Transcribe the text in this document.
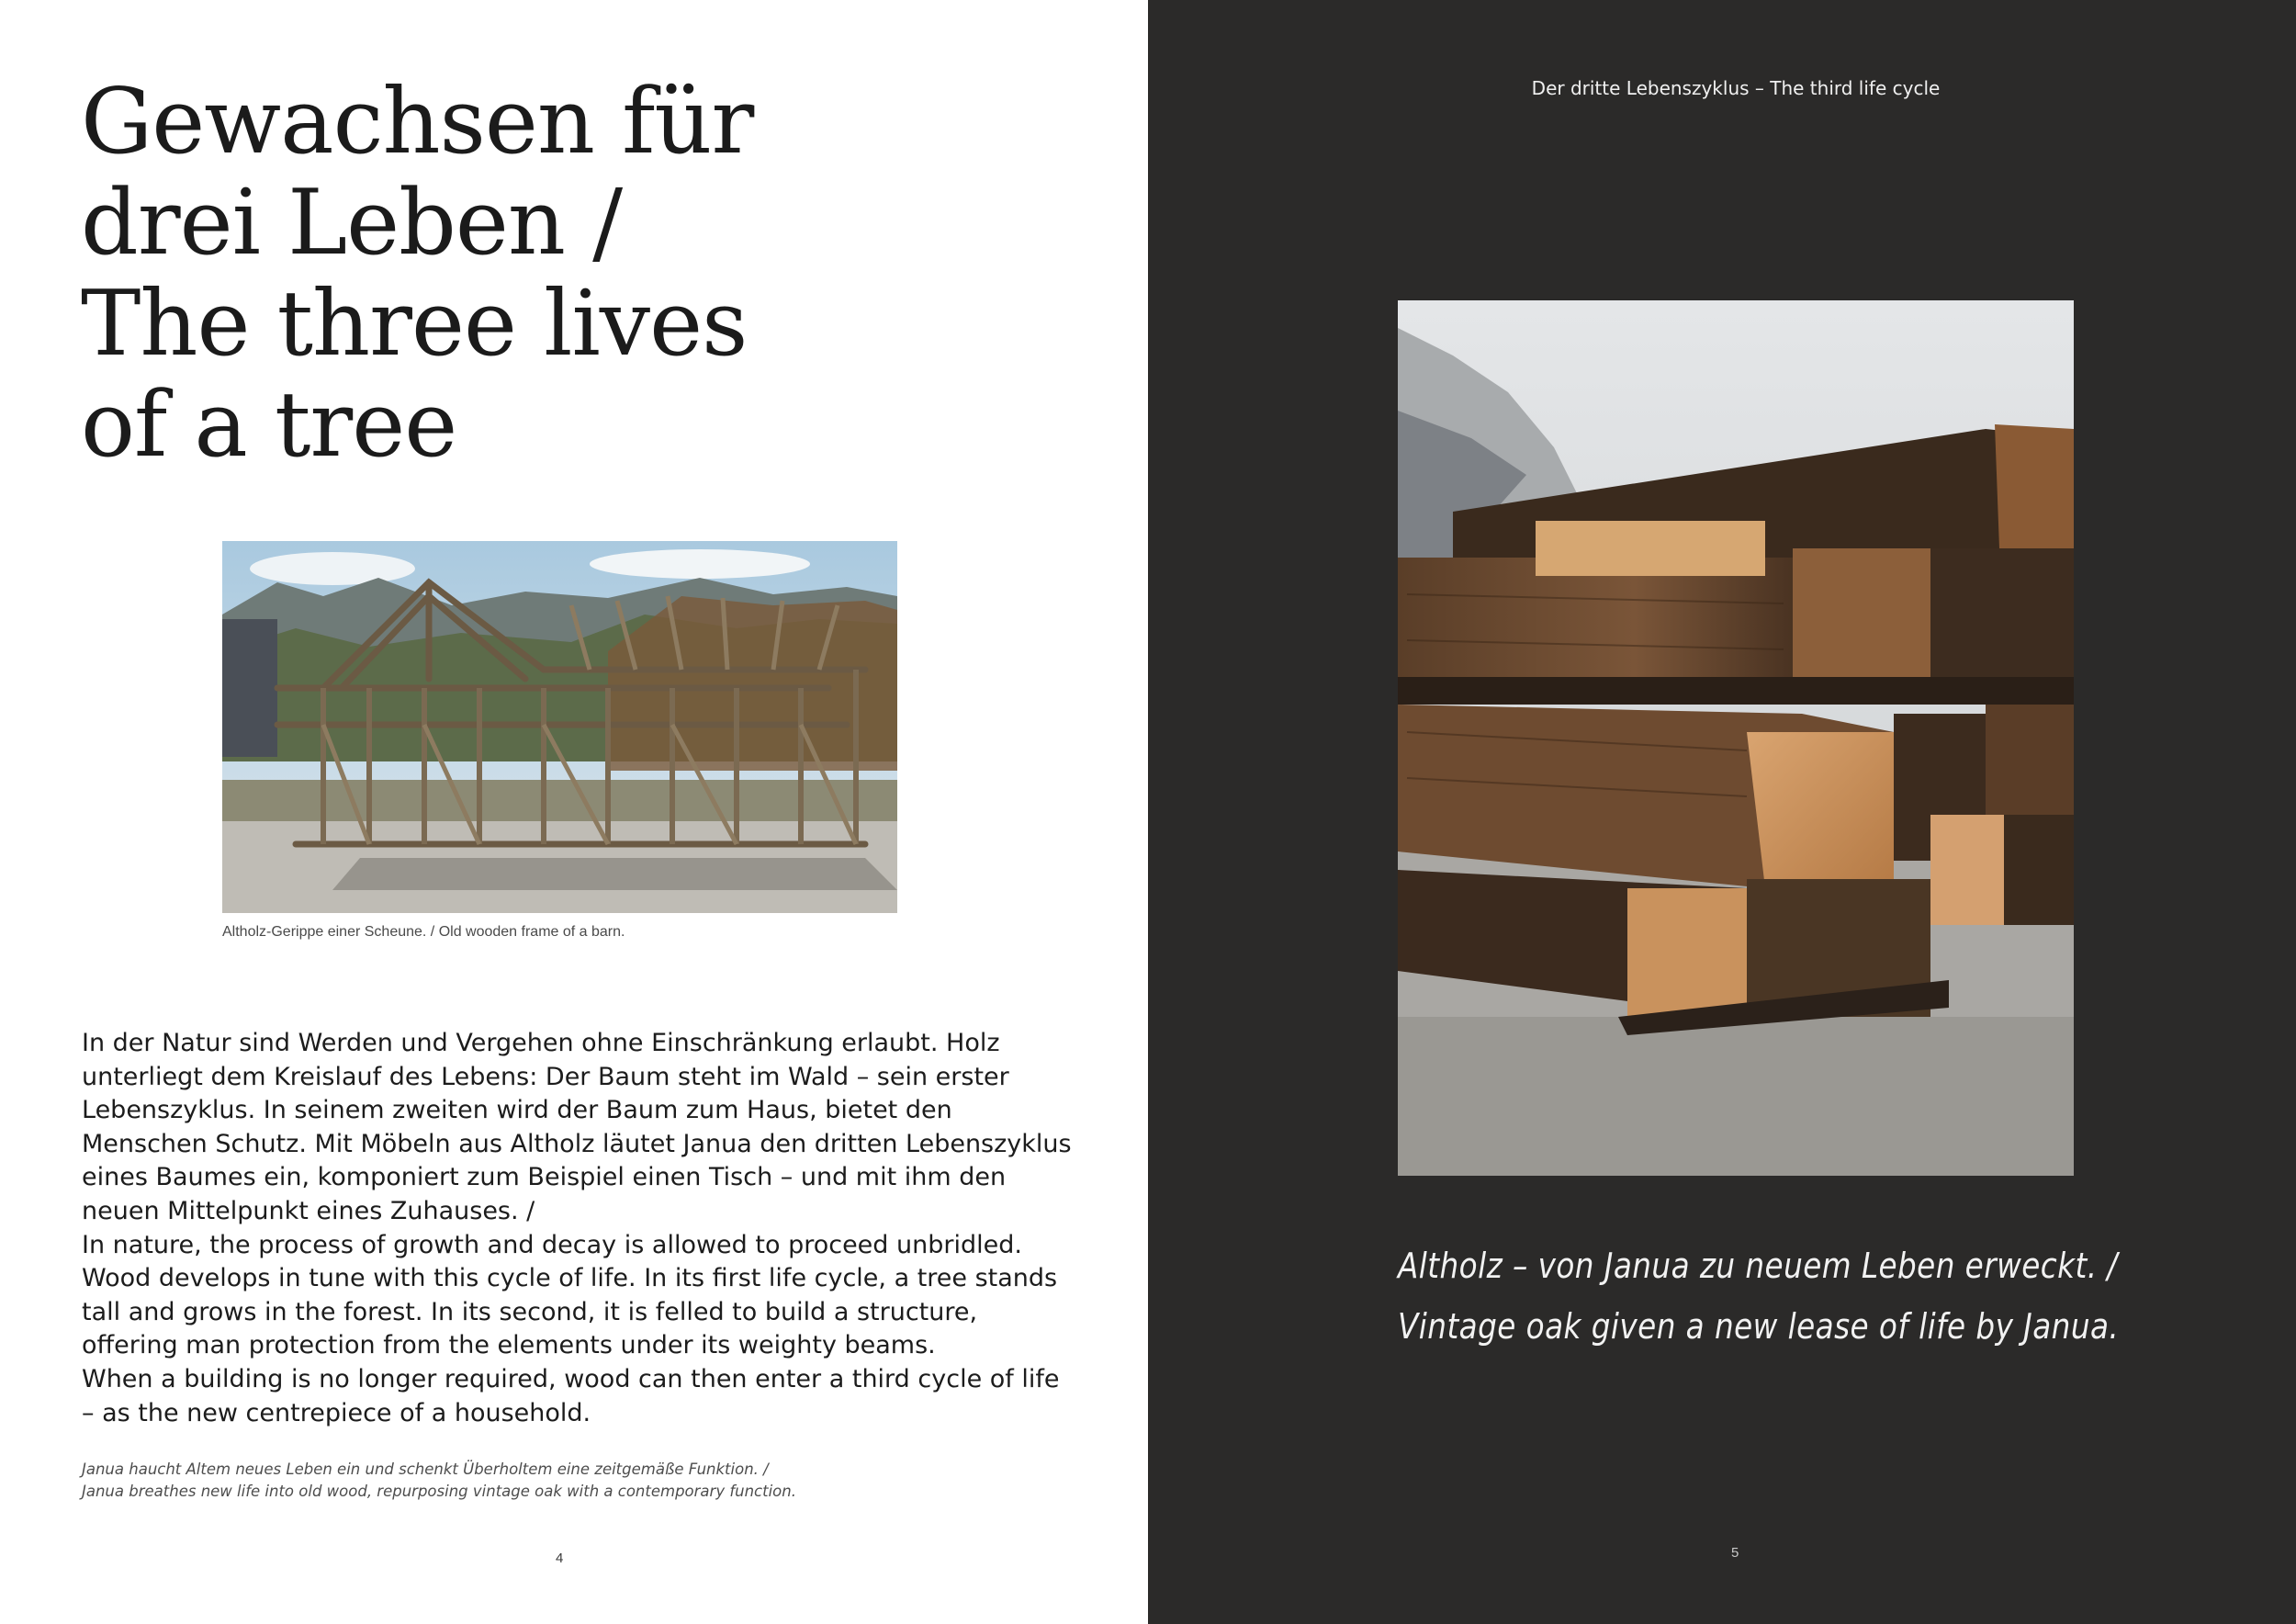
Gewachsen für
drei Leben /
The three lives
of a tree
Altholz-Gerippe einer Scheune. / Old wooden frame of a barn.

In der Natur sind Werden und Vergehen ohne Einschränkung erlaubt. Holz unterliegt dem Kreislauf des Lebens: Der Baum steht im Wald – sein erster Lebenszyklus. In seinem zweiten wird der Baum zum Haus, bietet den Menschen Schutz. Mit Möbeln aus Altholz läutet Janua den dritten Lebenszyklus eines Baumes ein, komponiert zum Beispiel einen Tisch – und mit ihm den neuen Mittelpunkt eines Zuhauses. /

In nature, the process of growth and decay is allowed to proceed unbridled. Wood develops in tune with this cycle of life. In its first life cycle, a tree stands tall and grows in the forest. In its second, it is felled to build a structure, offering man protection from the elements under its weighty beams.

When a building is no longer required, wood can then enter a third cycle of life – as the new centrepiece of a household.

Janua haucht Altem neues Leben ein und schenkt Überholtem eine zeitgemäße Funktion. /
Janua breathes new life into old wood, repurposing vintage oak with a contemporary function.
4
Der dritte Lebenszyklus – The third life cycle
Altholz – von Janua zu neuem Leben erweckt. /
Vintage oak given a new lease of life by Janua.
5
